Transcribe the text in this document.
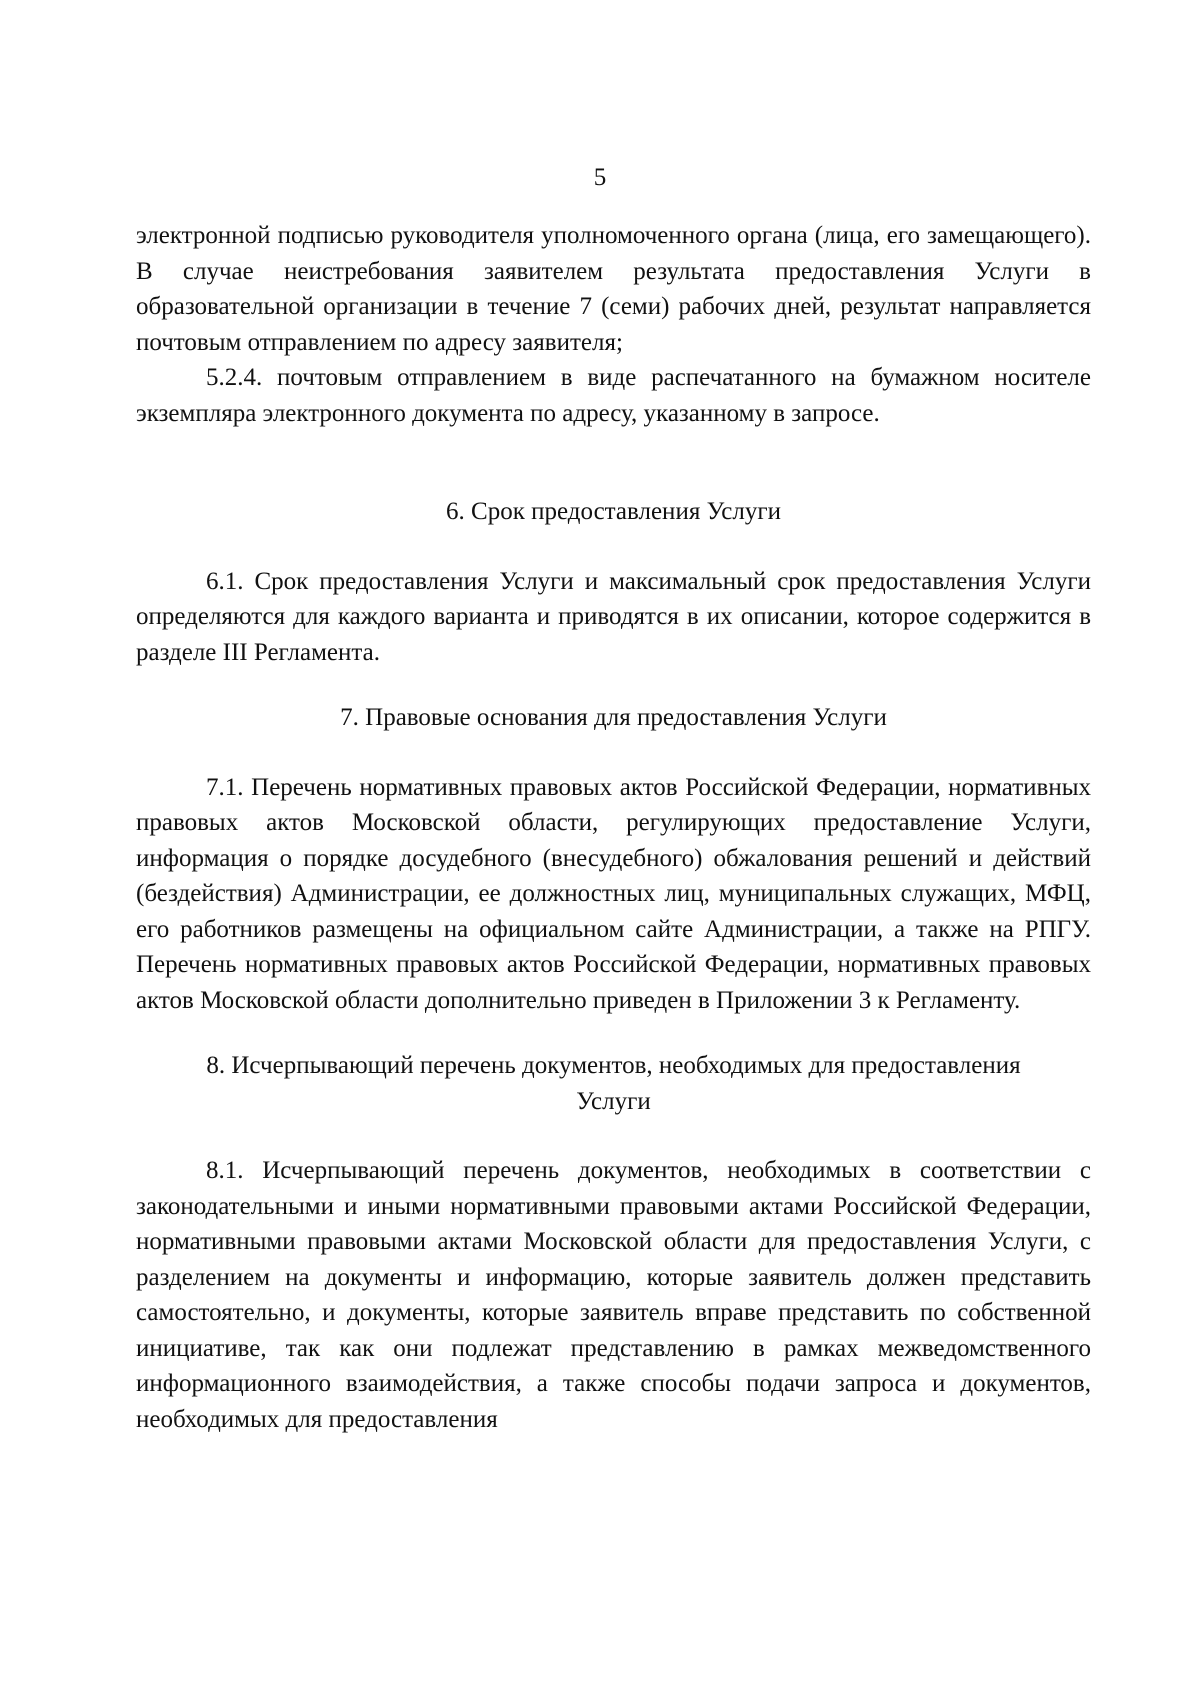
5

электронной подписью руководителя уполномоченного органа (лица, его замещающего). В случае неистребования заявителем результата предоставления Услуги в образовательной организации в течение 7 (семи) рабочих дней, результат направляется почтовым отправлением по адресу заявителя;

5.2.4. почтовым отправлением в виде распечатанного на бумажном носителе экземпляра электронного документа по адресу, указанному в запросе.

6. Срок предоставления Услуги

6.1. Срок предоставления Услуги и максимальный срок предоставления Услуги определяются для каждого варианта и приводятся в их описании, которое содержится в разделе III Регламента.

7. Правовые основания для предоставления Услуги

7.1. Перечень нормативных правовых актов Российской Федерации, нормативных правовых актов Московской области, регулирующих предоставление Услуги, информация о порядке досудебного (внесудебного) обжалования решений и действий (бездействия) Администрации, ее должностных лиц, муниципальных служащих, МФЦ, его работников размещены на официальном сайте Администрации, а также на РПГУ. Перечень нормативных правовых актов Российской Федерации, нормативных правовых актов Московской области дополнительно приведен в Приложении 3 к Регламенту.

8. Исчерпывающий перечень документов, необходимых для предоставления

Услуги

8.1. Исчерпывающий перечень документов, необходимых в соответствии с законодательными и иными нормативными правовыми актами Российской Федерации, нормативными правовыми актами Московской области для предоставления Услуги, с разделением на документы и информацию, которые заявитель должен представить самостоятельно, и документы, которые заявитель вправе представить по собственной инициативе, так как они подлежат представлению в рамках межведомственного информационного взаимодействия, а также способы подачи запроса и документов, необходимых для предоставления
